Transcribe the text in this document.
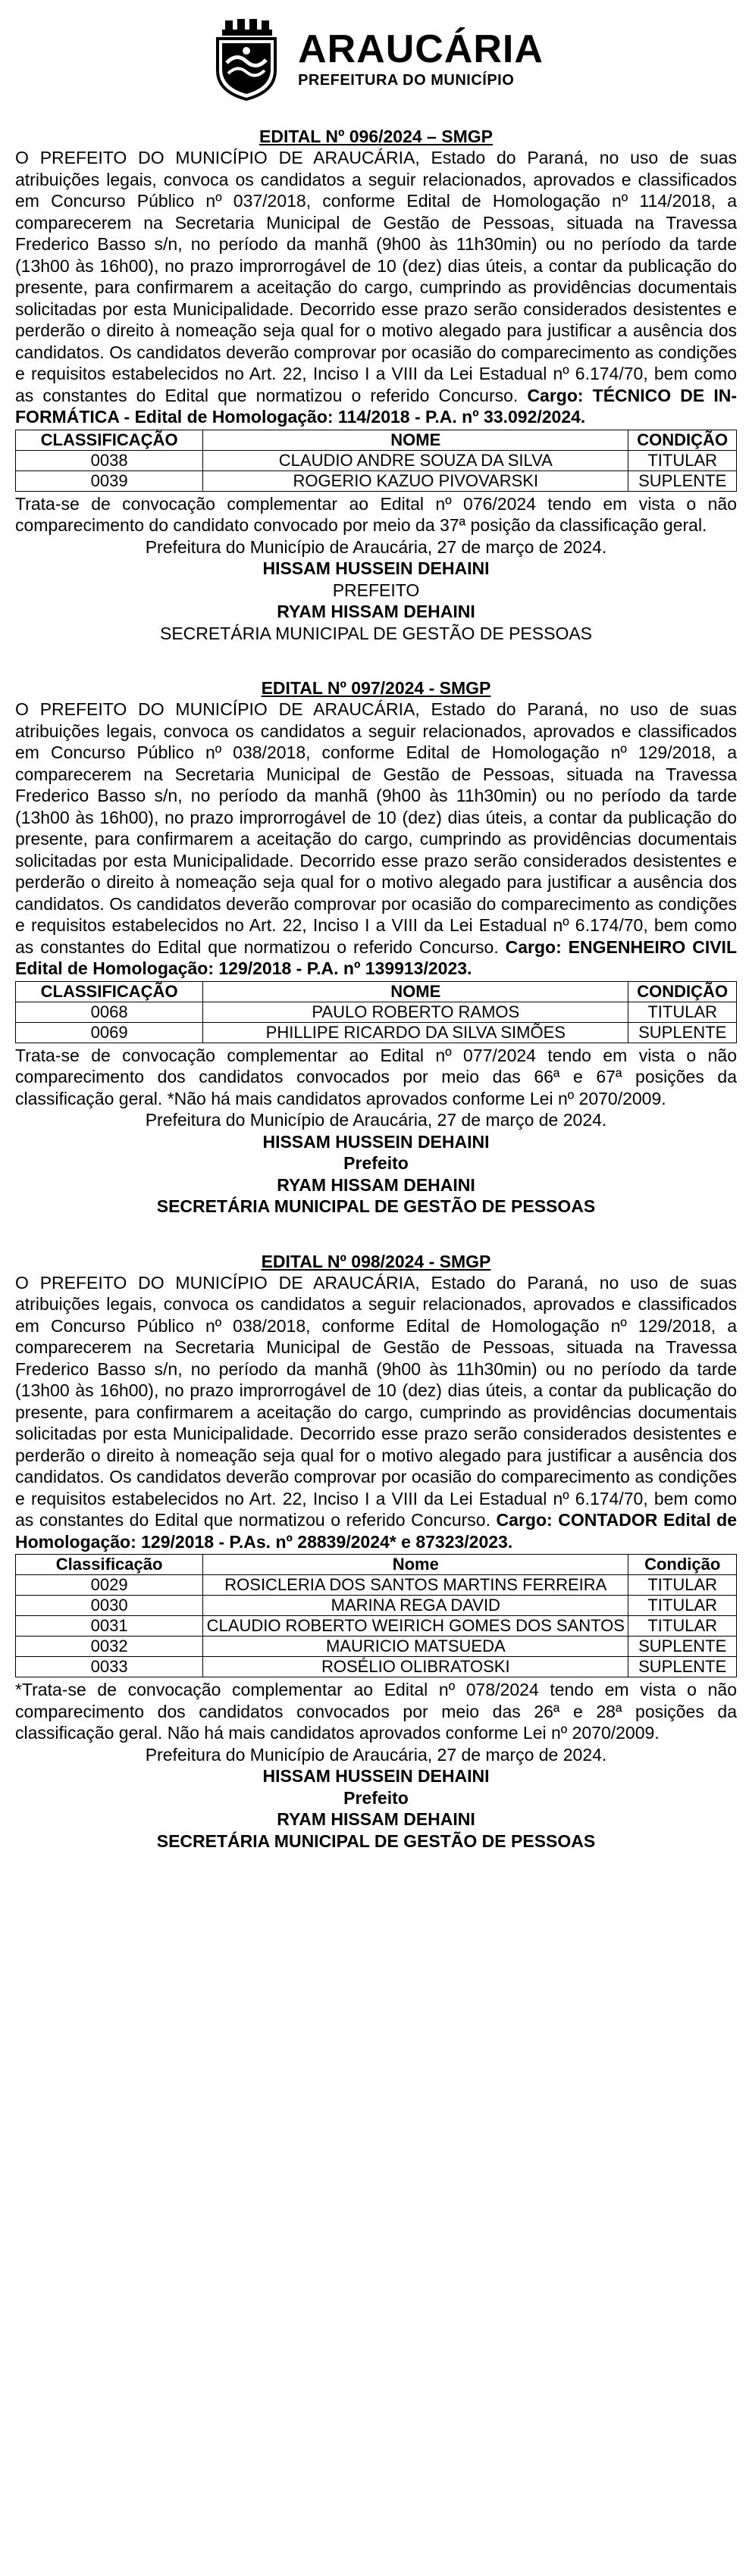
ARAUCÁRIA
PREFEITURA DO MUNICÍPIO
EDITAL Nº 096/2024 – SMGP
O PREFEITO DO MUNICÍPIO DE ARAUCÁRIA, Estado do Paraná, no uso de suas atribuições legais, convoca os candidatos a seguir relacionados, aprovados e classificados em Concurso Público nº 037/2018, conforme Edital de Homologação nº 114/2018, a comparecerem na Secretaria Municipal de Gestão de Pessoas, situada na Travessa Frederico Basso s/n, no período da manhã (9h00 às 11h30min) ou no período da tarde (13h00 às 16h00), no prazo improrrogável de 10 (dez) dias úteis, a contar da publicação do presente, para confirmarem a aceitação do cargo, cumprindo as providências documentais solicitadas por esta Municipalidade. Decorrido esse prazo serão considerados desistentes e perderão o direito à nomeação seja qual for o motivo alegado para justificar a ausência dos candidatos. Os candidatos deverão comprovar por ocasião do comparecimento as condições e requisitos estabelecidos no Art. 22, Inciso I a VIII da Lei Estadual nº 6.174/70, bem como as constantes do Edital que normatizou o referido Concurso. Cargo: TÉCNICO DE INFORMÁTICA - Edital de Homologação: 114/2018 - P.A. nº 33.092/2024.
CLASSIFICAÇÃO	NOME	CONDIÇÃO
0038	CLAUDIO ANDRE SOUZA DA SILVA	TITULAR
0039	ROGERIO KAZUO PIVOVARSKI	SUPLENTE
Trata-se de convocação complementar ao Edital nº 076/2024 tendo em vista o não comparecimento do candidato convocado por meio da 37ª posição da classificação geral.
Prefeitura do Município de Araucária, 27 de março de 2024.
HISSAM HUSSEIN DEHAINI
PREFEITO
RYAM HISSAM DEHAINI
SECRETÁRIA MUNICIPAL DE GESTÃO DE PESSOAS
EDITAL Nº 097/2024 - SMGP
O PREFEITO DO MUNICÍPIO DE ARAUCÁRIA, Estado do Paraná, no uso de suas atribuições legais, convoca os candidatos a seguir relacionados, aprovados e classificados em Concurso Público nº 038/2018, conforme Edital de Homologação nº 129/2018, a comparecerem na Secretaria Municipal de Gestão de Pessoas, situada na Travessa Frederico Basso s/n, no período da manhã (9h00 às 11h30min) ou no período da tarde (13h00 às 16h00), no prazo improrrogável de 10 (dez) dias úteis, a contar da publicação do presente, para confirmarem a aceitação do cargo, cumprindo as providências documentais solicitadas por esta Municipalidade. Decorrido esse prazo serão considerados desistentes e perderão o direito à nomeação seja qual for o motivo alegado para justificar a ausência dos candidatos. Os candidatos deverão comprovar por ocasião do comparecimento as condições e requisitos estabelecidos no Art. 22, Inciso I a VIII da Lei Estadual nº 6.174/70, bem como as constantes do Edital que normatizou o referido Concurso. Cargo: ENGENHEIRO CIVIL Edital de Homologação: 129/2018 - P.A. nº 139913/2023.
CLASSIFICAÇÃO	NOME	CONDIÇÃO
0068	PAULO ROBERTO RAMOS	TITULAR
0069	PHILLIPE RICARDO DA SILVA SIMÕES	SUPLENTE
Trata-se de convocação complementar ao Edital nº 077/2024 tendo em vista o não comparecimento dos candidatos convocados por meio das 66ª e 67ª posições da classificação geral. *Não há mais candidatos aprovados conforme Lei nº 2070/2009.
Prefeitura do Município de Araucária, 27 de março de 2024.
HISSAM HUSSEIN DEHAINI
Prefeito
RYAM HISSAM DEHAINI
SECRETÁRIA MUNICIPAL DE GESTÃO DE PESSOAS
EDITAL Nº 098/2024 - SMGP
O PREFEITO DO MUNICÍPIO DE ARAUCÁRIA, Estado do Paraná, no uso de suas atribuições legais, convoca os candidatos a seguir relacionados, aprovados e classificados em Concurso Público nº 038/2018, conforme Edital de Homologação nº 129/2018, a comparecerem na Secretaria Municipal de Gestão de Pessoas, situada na Travessa Frederico Basso s/n, no período da manhã (9h00 às 11h30min) ou no período da tarde (13h00 às 16h00), no prazo improrrogável de 10 (dez) dias úteis, a contar da publicação do presente, para confirmarem a aceitação do cargo, cumprindo as providências documentais solicitadas por esta Municipalidade. Decorrido esse prazo serão considerados desistentes e perderão o direito à nomeação seja qual for o motivo alegado para justificar a ausência dos candidatos. Os candidatos deverão comprovar por ocasião do comparecimento as condições e requisitos estabelecidos no Art. 22, Inciso I a VIII da Lei Estadual nº 6.174/70, bem como as constantes do Edital que normatizou o referido Concurso. Cargo: CONTADOR Edital de Homologação: 129/2018 - P.As. nº 28839/2024* e 87323/2023.
Classificação	Nome	Condição
0029	ROSICLERIA DOS SANTOS MARTINS FERREIRA	TITULAR
0030	MARINA REGA DAVID	TITULAR
0031	CLAUDIO ROBERTO WEIRICH GOMES DOS SANTOS	TITULAR
0032	MAURICIO MATSUEDA	SUPLENTE
0033	ROSÉLIO OLIBRATOSKI	SUPLENTE
*Trata-se de convocação complementar ao Edital nº 078/2024 tendo em vista o não comparecimento dos candidatos convocados por meio das 26ª e 28ª posições da classificação geral. Não há mais candidatos aprovados conforme Lei nº 2070/2009.
Prefeitura do Município de Araucária, 27 de março de 2024.
HISSAM HUSSEIN DEHAINI
Prefeito
RYAM HISSAM DEHAINI
SECRETÁRIA MUNICIPAL DE GESTÃO DE PESSOAS
